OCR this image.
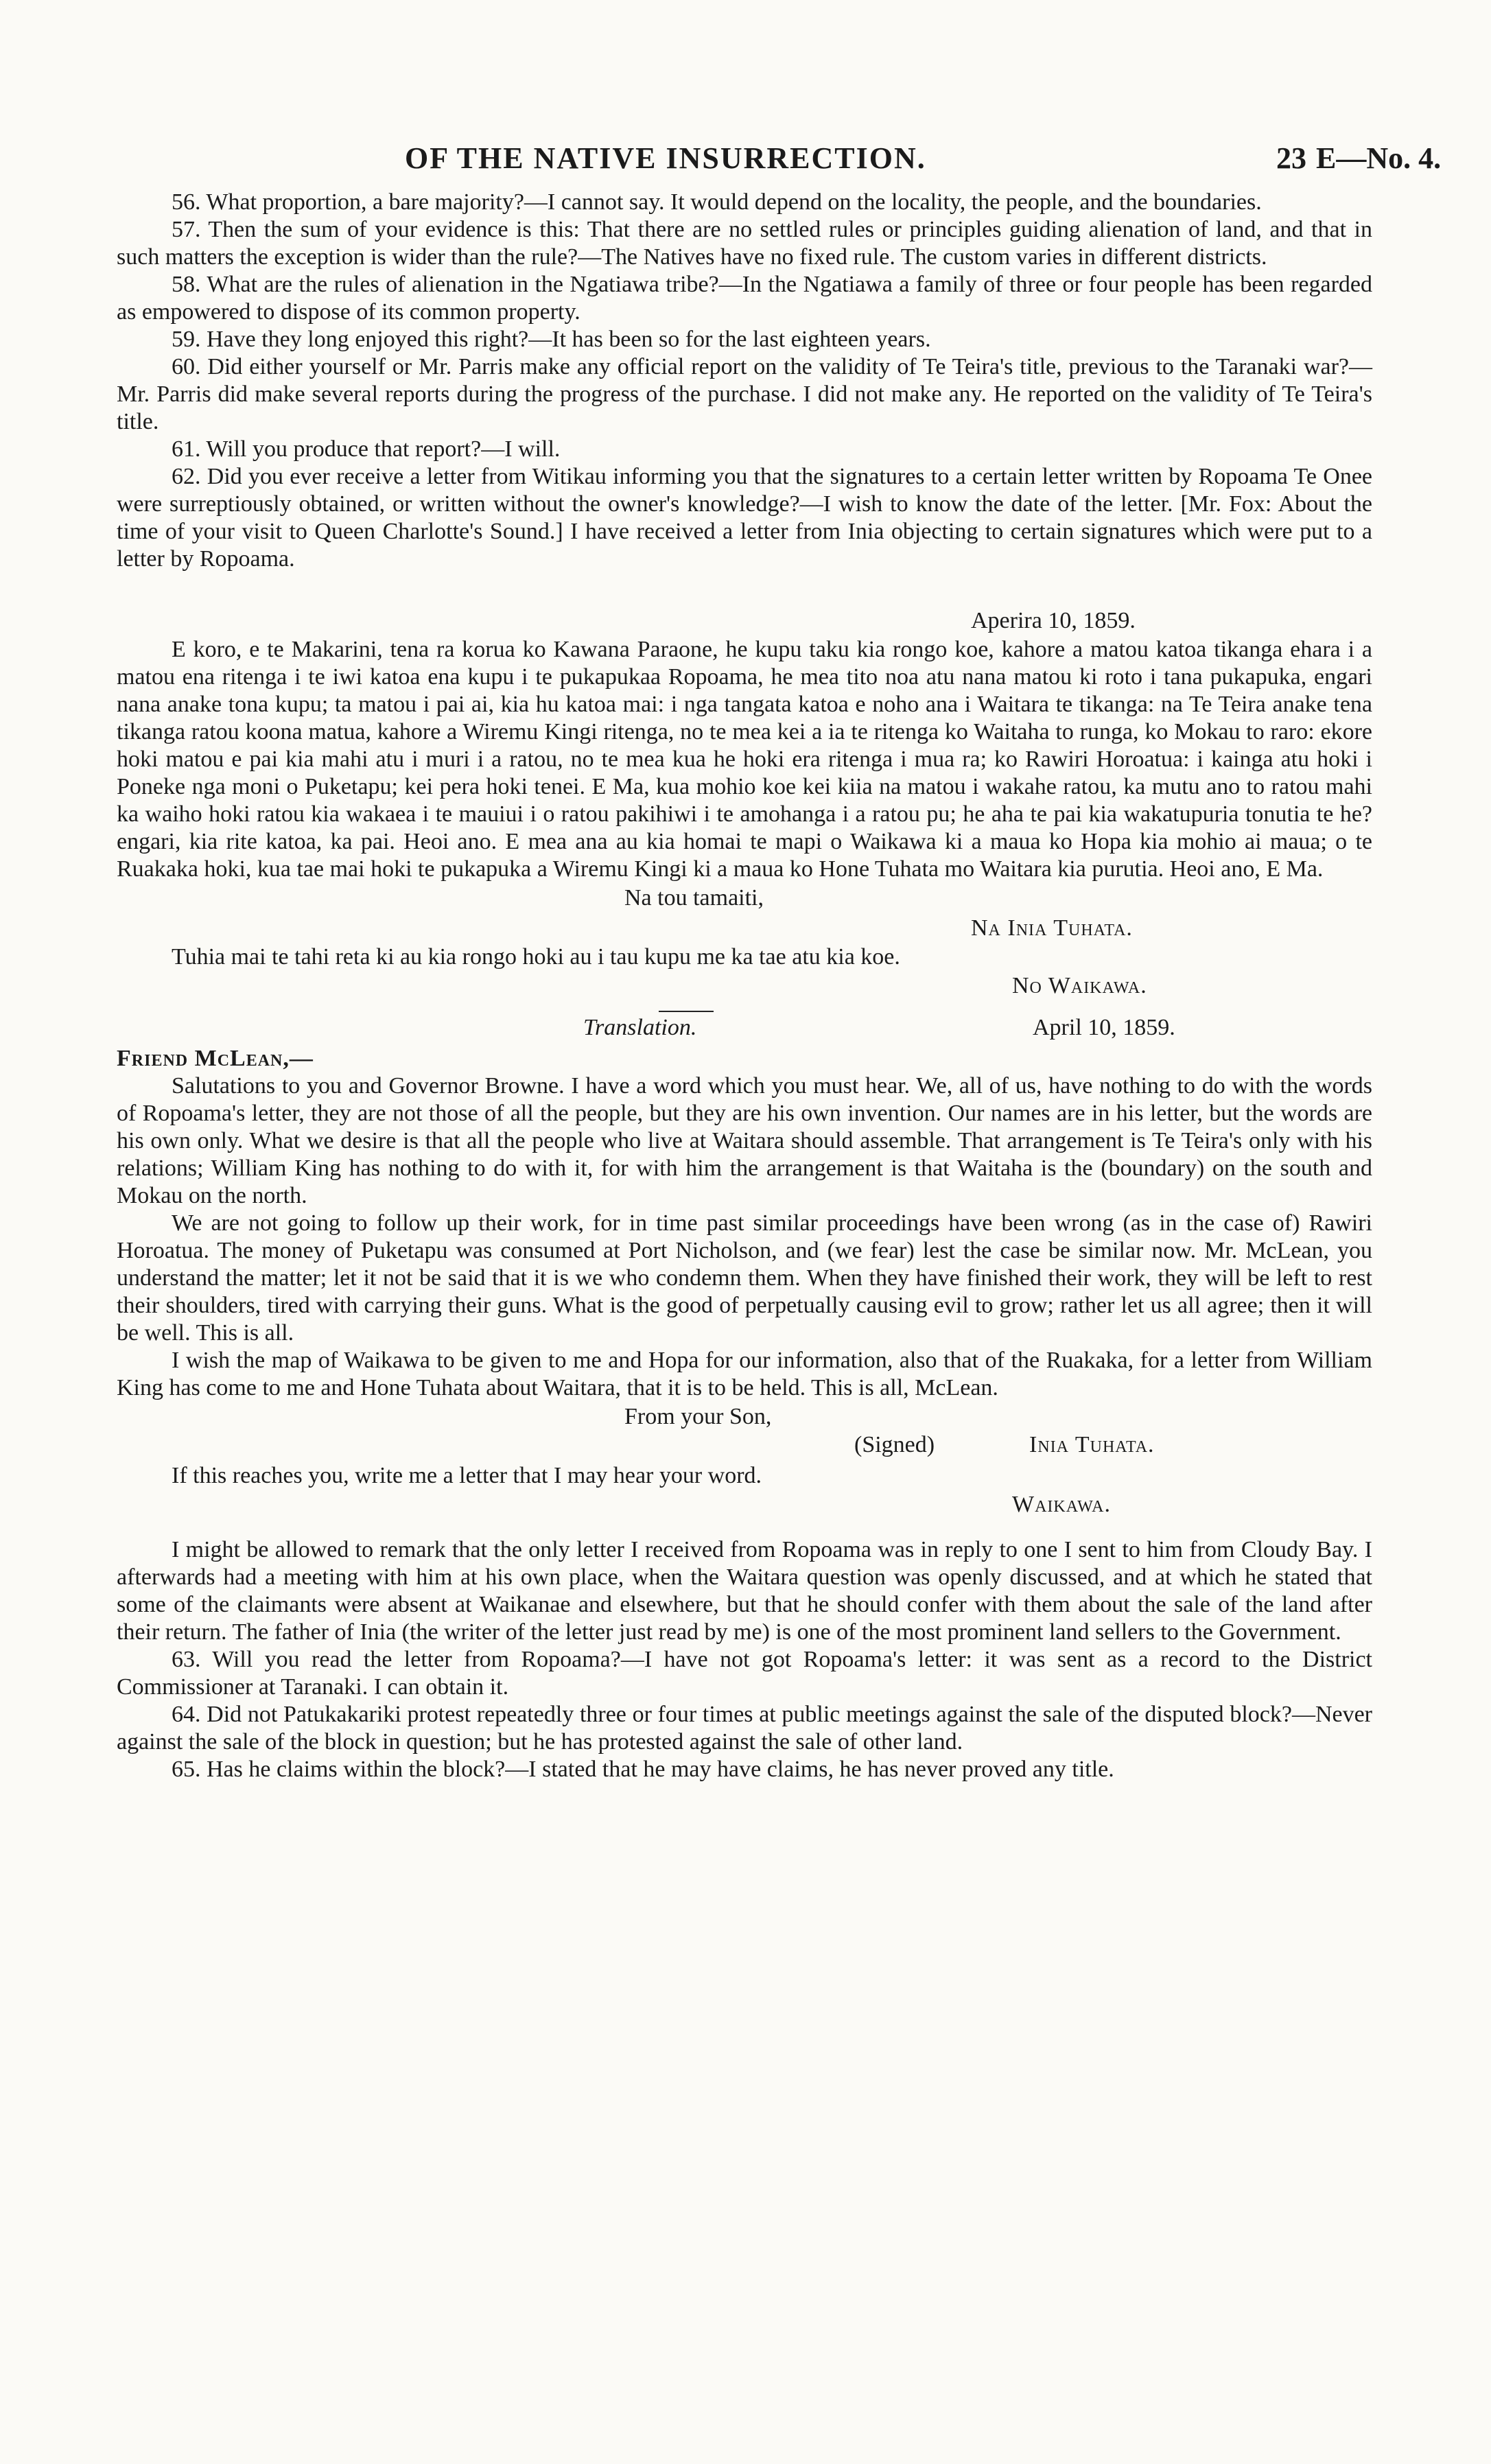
OF THE NATIVE INSURRECTION.	23 E—No. 4.

56. What proportion, a bare majority?—I cannot say. It would depend on the locality, the people, and the boundaries.

57. Then the sum of your evidence is this: That there are no settled rules or principles guiding alienation of land, and that in such matters the exception is wider than the rule?—The Natives have no fixed rule. The custom varies in different districts.

58. What are the rules of alienation in the Ngatiawa tribe?—In the Ngatiawa a family of three or four people has been regarded as empowered to dispose of its common property.

59. Have they long enjoyed this right?—It has been so for the last eighteen years.

60. Did either yourself or Mr. Parris make any official report on the validity of Te Teira's title, previous to the Taranaki war?—Mr. Parris did make several reports during the progress of the purchase. I did not make any. He reported on the validity of Te Teira's title.

61. Will you produce that report?—I will.

62. Did you ever receive a letter from Witikau informing you that the signatures to a certain letter written by Ropoama Te Onee were surreptiously obtained, or written without the owner's knowledge?—I wish to know the date of the letter. [Mr. Fox: About the time of your visit to Queen Charlotte's Sound.] I have received a letter from Inia objecting to certain signatures which were put to a letter by Ropoama.

Aperira 10, 1859.

E koro, e te Makarini, tena ra korua ko Kawana Paraone, he kupu taku kia rongo koe, kahore a matou katoa tikanga ehara i a matou ena ritenga i te iwi katoa ena kupu i te pukapukaa Ropoama, he mea tito noa atu nana matou ki roto i tana pukapuka, engari nana anake tona kupu; ta matou i pai ai, kia hu katoa mai: i nga tangata katoa e noho ana i Waitara te tikanga: na Te Teira anake tena tikanga ratou koona matua, kahore a Wiremu Kingi ritenga, no te mea kei a ia te ritenga ko Waitaha to runga, ko Mokau to raro: ekore hoki matou e pai kia mahi atu i muri i a ratou, no te mea kua he hoki era ritenga i mua ra; ko Rawiri Horoatua: i kainga atu hoki i Poneke nga moni o Puketapu; kei pera hoki tenei. E Ma, kua mohio koe kei kiia na matou i wakahe ratou, ka mutu ano to ratou mahi ka waiho hoki ratou kia wakaea i te mauiui i o ratou pakihiwi i te amohanga i a ratou pu; he aha te pai kia wakatupuria tonutia te he? engari, kia rite katoa, ka pai. Heoi ano. E mea ana au kia homai te mapi o Waikawa ki a maua ko Hopa kia mohio ai maua; o te Ruakaka hoki, kua tae mai hoki te pukapuka a Wiremu Kingi ki a maua ko Hone Tuhata mo Waitara kia purutia. Heoi ano, E Ma.

Na tou tamaiti,
Na Inia Tuhata.

Tuhia mai te tahi reta ki au kia rongo hoki au i tau kupu me ka tae atu kia koe.

No Waikawa.
Translation.	April 10, 1859.

Friend McLean,—

Salutations to you and Governor Browne. I have a word which you must hear. We, all of us, have nothing to do with the words of Ropoama's letter, they are not those of all the people, but they are his own invention. Our names are in his letter, but the words are his own only. What we desire is that all the people who live at Waitara should assemble. That arrangement is Te Teira's only with his relations; William King has nothing to do with it, for with him the arrangement is that Waitaha is the (boundary) on the south and Mokau on the north.

We are not going to follow up their work, for in time past similar proceedings have been wrong (as in the case of) Rawiri Horoatua. The money of Puketapu was consumed at Port Nicholson, and (we fear) lest the case be similar now. Mr. McLean, you understand the matter; let it not be said that it is we who condemn them. When they have finished their work, they will be left to rest their shoulders, tired with carrying their guns. What is the good of perpetually causing evil to grow; rather let us all agree; then it will be well. This is all.

I wish the map of Waikawa to be given to me and Hopa for our information, also that of the Ruakaka, for a letter from William King has come to me and Hone Tuhata about Waitara, that it is to be held. This is all, McLean.

From your Son,
(Signed)	Inia Tuhata.

If this reaches you, write me a letter that I may hear your word.

Waikawa.

I might be allowed to remark that the only letter I received from Ropoama was in reply to one I sent to him from Cloudy Bay. I afterwards had a meeting with him at his own place, when the Waitara question was openly discussed, and at which he stated that some of the claimants were absent at Waikanae and elsewhere, but that he should confer with them about the sale of the land after their return. The father of Inia (the writer of the letter just read by me) is one of the most prominent land sellers to the Government.

63. Will you read the letter from Ropoama?—I have not got Ropoama's letter: it was sent as a record to the District Commissioner at Taranaki. I can obtain it.

64. Did not Patukakariki protest repeatedly three or four times at public meetings against the sale of the disputed block?—Never against the sale of the block in question; but he has protested against the sale of other land.

65. Has he claims within the block?—I stated that he may have claims, he has never proved any title.
